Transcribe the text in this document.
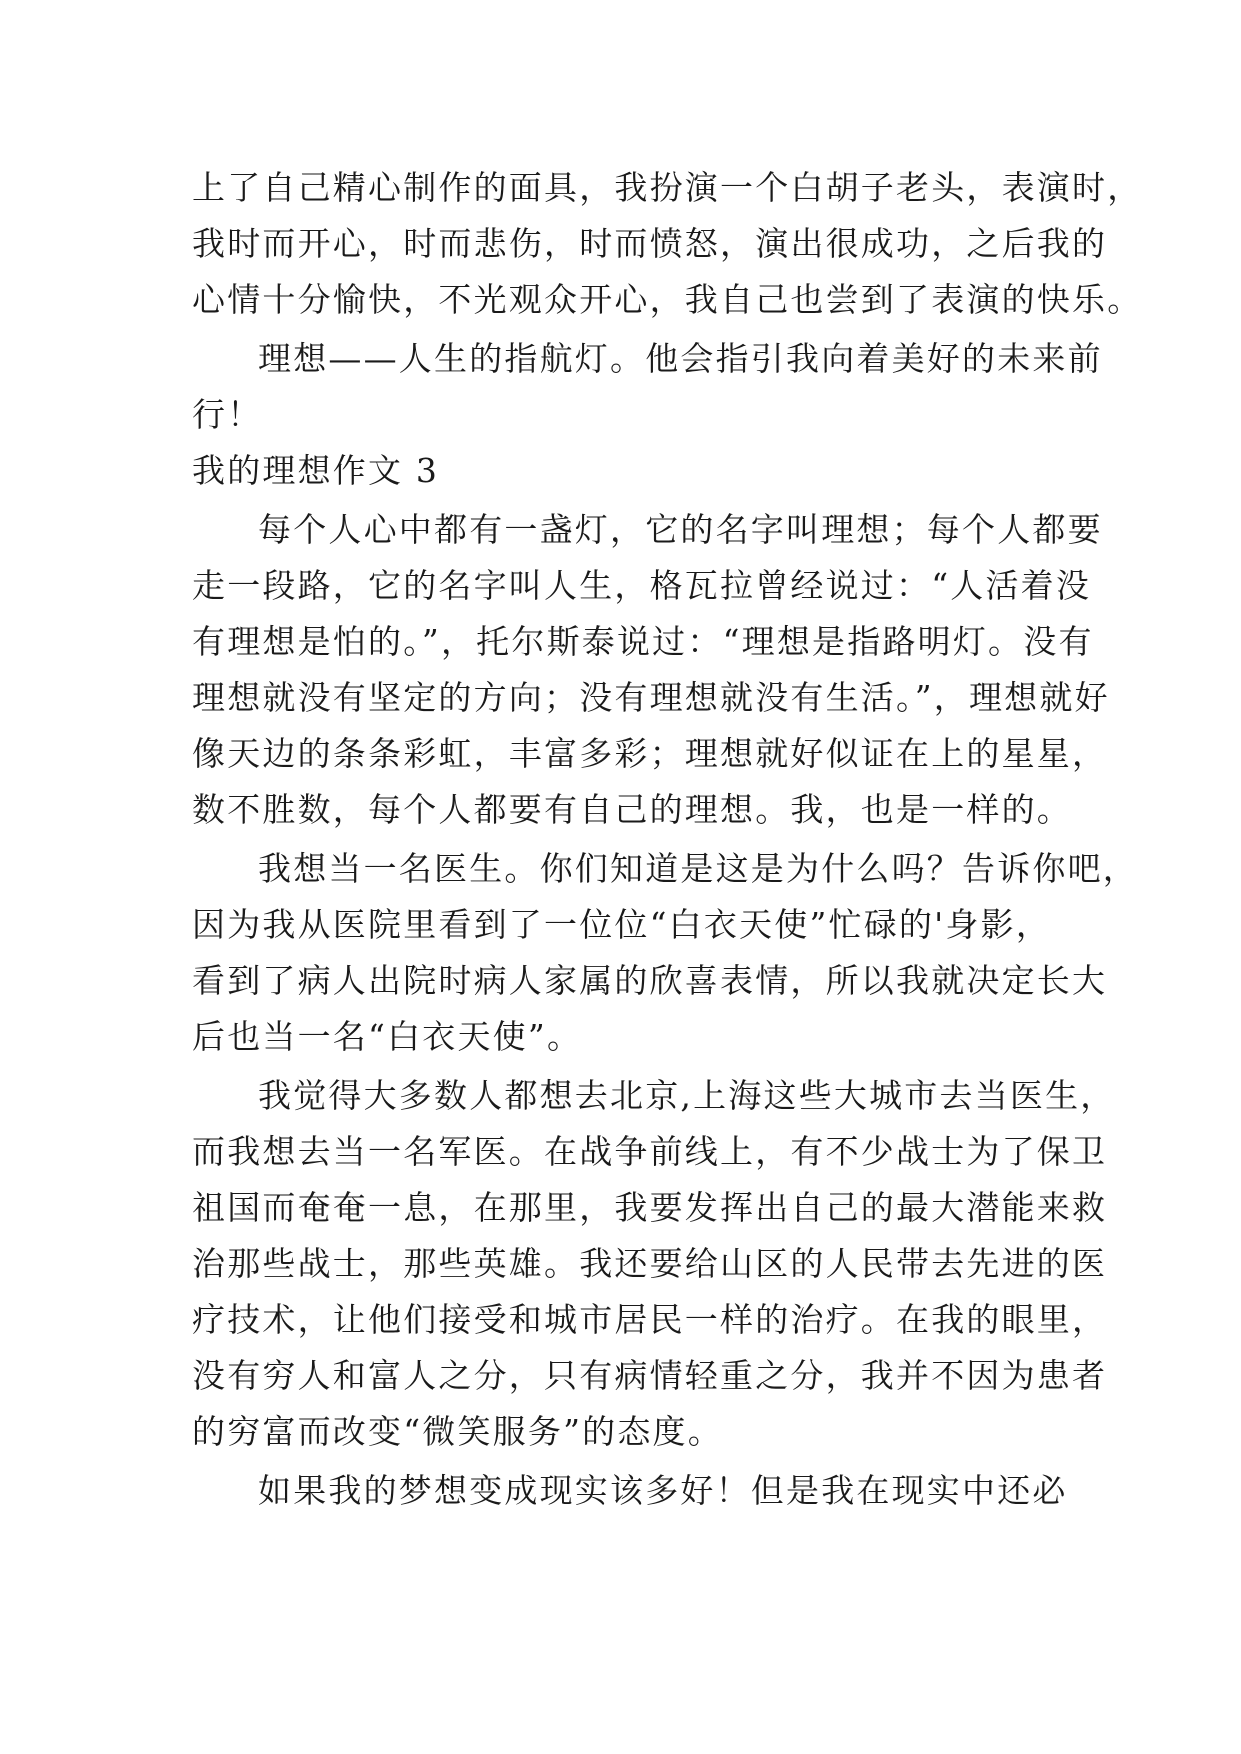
上了自己精心制作的面具，我扮演一个白胡子老头，表演时，
我时而开心，时而悲伤，时而愤怒，演出很成功，之后我的
心情十分愉快，不光观众开心，我自己也尝到了表演的快乐。
理想——人生的指航灯。他会指引我向着美好的未来前
行！
我的理想作文 3
每个人心中都有一盏灯，它的名字叫理想；每个人都要
走一段路，它的名字叫人生，格瓦拉曾经说过：“人活着没
有理想是怕的。”，托尔斯泰说过：“理想是指路明灯。没有
理想就没有坚定的方向；没有理想就没有生活。”，理想就好
像天边的条条彩虹，丰富多彩；理想就好似证在上的星星，
数不胜数，每个人都要有自己的理想。我，也是一样的。
我想当一名医生。你们知道是这是为什么吗？告诉你吧，
因为我从医院里看到了一位位“白衣天使”忙碌的'身影，
看到了病人出院时病人家属的欣喜表情，所以我就决定长大
后也当一名“白衣天使”。
我觉得大多数人都想去北京,上海这些大城市去当医生，
而我想去当一名军医。在战争前线上，有不少战士为了保卫
祖国而奄奄一息，在那里，我要发挥出自己的最大潜能来救
治那些战士，那些英雄。我还要给山区的人民带去先进的医
疗技术，让他们接受和城市居民一样的治疗。在我的眼里，
没有穷人和富人之分，只有病情轻重之分，我并不因为患者
的穷富而改变“微笑服务”的态度。
如果我的梦想变成现实该多好！但是我在现实中还必
